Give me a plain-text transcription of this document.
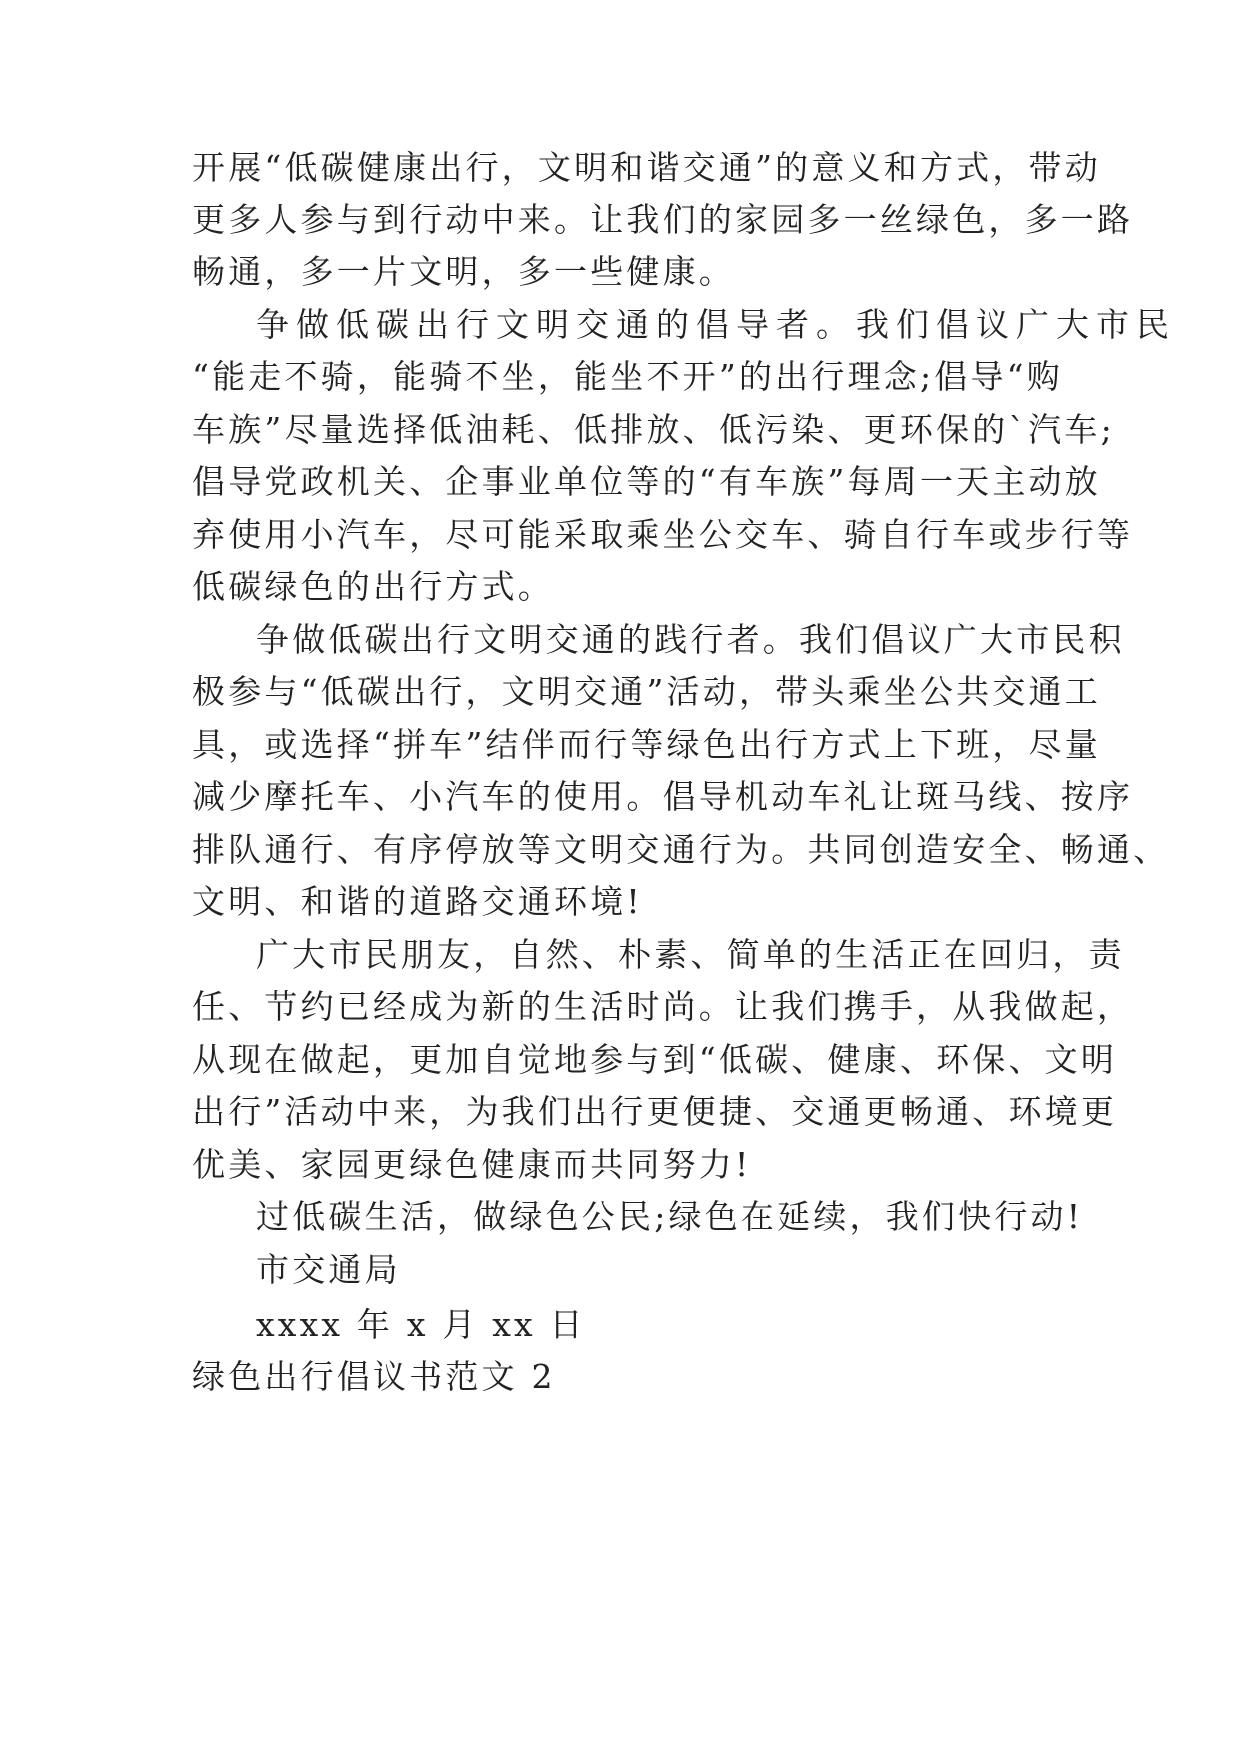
开展“低碳健康出行，文明和谐交通”的意义和方式，带动
更多人参与到行动中来。让我们的家园多一丝绿色，多一路
畅通，多一片文明，多一些健康。
争做低碳出行文明交通的倡导者。我们倡议广大市民
“能走不骑，能骑不坐，能坐不开”的出行理念;倡导“购
车族”尽量选择低油耗、低排放、低污染、更环保的`汽车;
倡导党政机关、企事业单位等的“有车族”每周一天主动放
弃使用小汽车，尽可能采取乘坐公交车、骑自行车或步行等
低碳绿色的出行方式。
争做低碳出行文明交通的践行者。我们倡议广大市民积
极参与“低碳出行，文明交通”活动，带头乘坐公共交通工
具，或选择“拼车”结伴而行等绿色出行方式上下班，尽量
减少摩托车、小汽车的使用。倡导机动车礼让斑马线、按序
排队通行、有序停放等文明交通行为。共同创造安全、畅通、
文明、和谐的道路交通环境!
广大市民朋友，自然、朴素、简单的生活正在回归，责
任、节约已经成为新的生活时尚。让我们携手，从我做起，
从现在做起，更加自觉地参与到“低碳、健康、环保、文明
出行”活动中来，为我们出行更便捷、交通更畅通、环境更
优美、家园更绿色健康而共同努力!
过低碳生活，做绿色公民;绿色在延续，我们快行动!
市交通局
xxxx 年 x 月 xx 日
绿色出行倡议书范文 2
